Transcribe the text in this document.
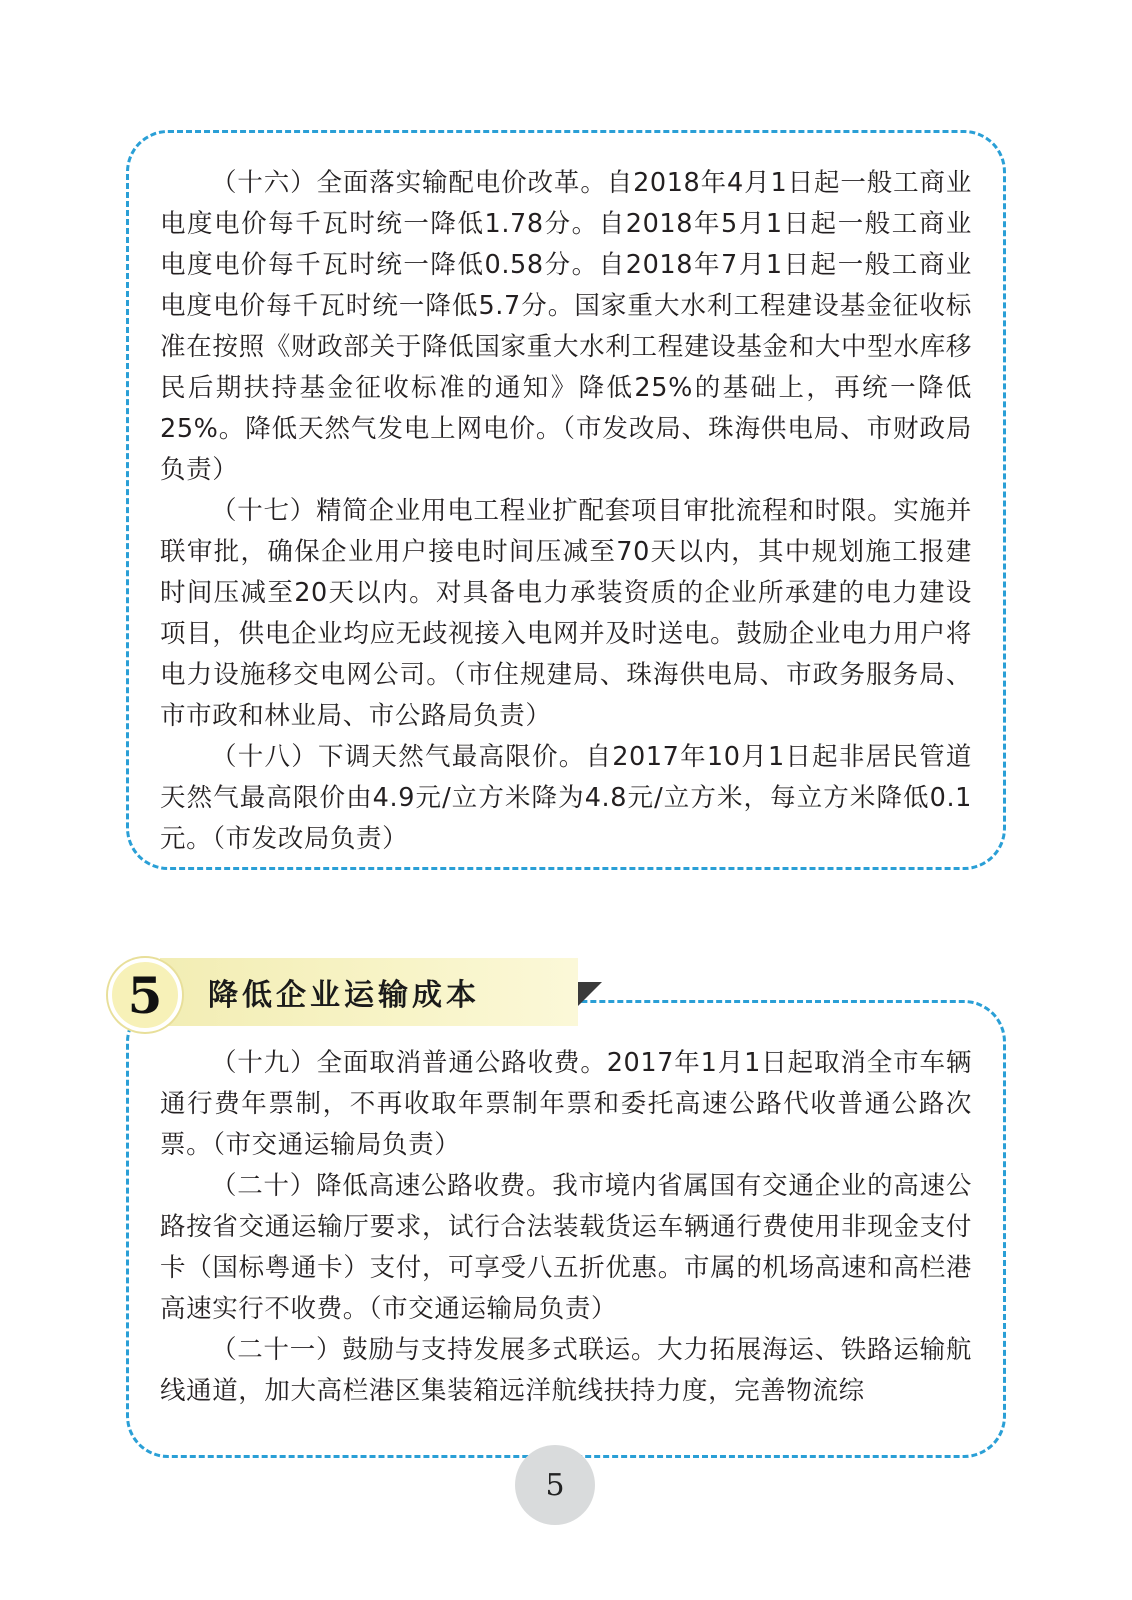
（十六）全面落实输配电价改革。自2018年4月1日起一般工商业电度电价每千瓦时统一降低1.78分。自2018年5月1日起一般工商业电度电价每千瓦时统一降低0.58分。自2018年7月1日起一般工商业电度电价每千瓦时统一降低5.7分。国家重大水利工程建设基金征收标准在按照《财政部关于降低国家重大水利工程建设基金和大中型水库移民后期扶持基金征收标准的通知》降低25%的基础上，再统一降低25%。降低天然气发电上网电价。（市发改局、珠海供电局、市财政局负责）

（十七）精简企业用电工程业扩配套项目审批流程和时限。实施并联审批，确保企业用户接电时间压减至70天以内，其中规划施工报建时间压减至20天以内。对具备电力承装资质的企业所承建的电力建设项目，供电企业均应无歧视接入电网并及时送电。鼓励企业电力用户将电力设施移交电网公司。（市住规建局、珠海供电局、市政务服务局、市市政和林业局、市公路局负责）

（十八）下调天然气最高限价。自2017年10月1日起非居民管道天然气最高限价由4.9元/立方米降为4.8元/立方米，每立方米降低0.1元。（市发改局负责）

5	降低企业运输成本

（十九）全面取消普通公路收费。2017年1月1日起取消全市车辆通行费年票制，不再收取年票制年票和委托高速公路代收普通公路次票。（市交通运输局负责）

（二十）降低高速公路收费。我市境内省属国有交通企业的高速公路按省交通运输厅要求，试行合法装载货运车辆通行费使用非现金支付卡（国标粤通卡）支付，可享受八五折优惠。市属的机场高速和高栏港高速实行不收费。（市交通运输局负责）

（二十一）鼓励与支持发展多式联运。大力拓展海运、铁路运输航线通道，加大高栏港区集装箱远洋航线扶持力度，完善物流综

5
